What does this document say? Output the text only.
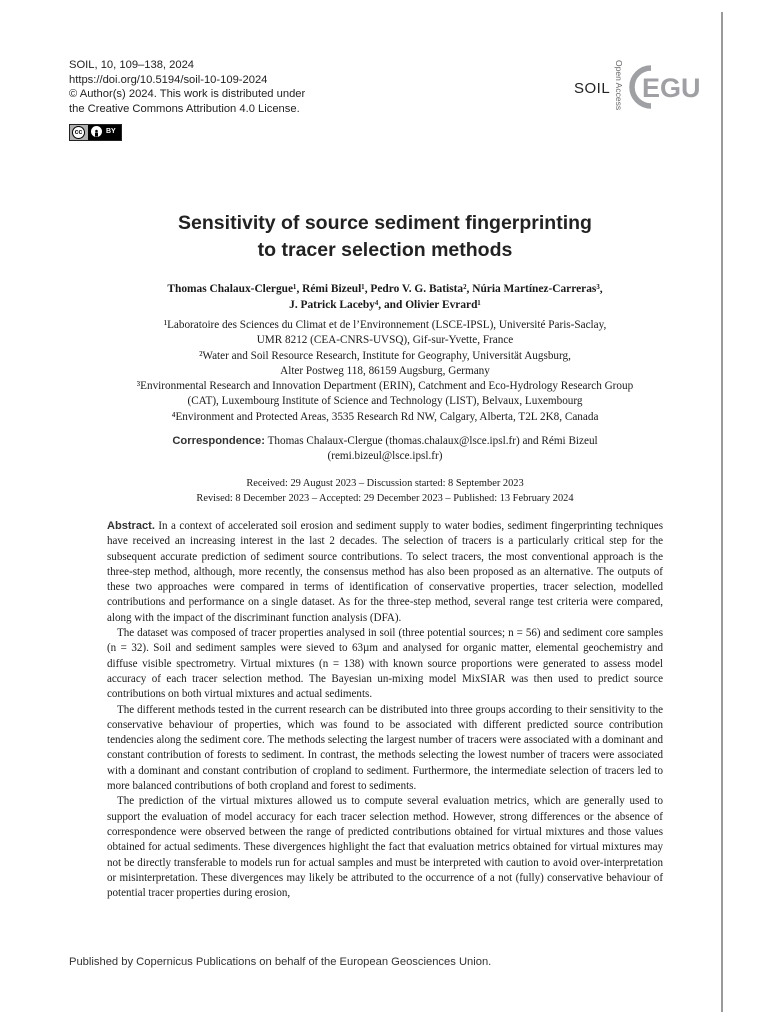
SOIL, 10, 109–138, 2024
https://doi.org/10.5194/soil-10-109-2024
© Author(s) 2024. This work is distributed under
the Creative Commons Attribution 4.0 License.
cc	BY
SOIL Open Access EGU
Sensitivity of source sediment fingerprinting
to tracer selection methods
Thomas Chalaux-Clergue¹, Rémi Bizeul¹, Pedro V. G. Batista², Núria Martínez-Carreras³,
J. Patrick Laceby⁴, and Olivier Evrard¹
¹Laboratoire des Sciences du Climat et de l’Environnement (LSCE-IPSL), Université Paris-Saclay,
UMR 8212 (CEA-CNRS-UVSQ), Gif-sur-Yvette, France
²Water and Soil Resource Research, Institute for Geography, Universität Augsburg,
Alter Postweg 118, 86159 Augsburg, Germany
³Environmental Research and Innovation Department (ERIN), Catchment and Eco-Hydrology Research Group
(CAT), Luxembourg Institute of Science and Technology (LIST), Belvaux, Luxembourg
⁴Environment and Protected Areas, 3535 Research Rd NW, Calgary, Alberta, T2L 2K8, Canada
Correspondence: Thomas Chalaux-Clergue (thomas.chalaux@lsce.ipsl.fr) and Rémi Bizeul
(remi.bizeul@lsce.ipsl.fr)
Received: 29 August 2023 – Discussion started: 8 September 2023
Revised: 8 December 2023 – Accepted: 29 December 2023 – Published: 13 February 2024

Abstract. In a context of accelerated soil erosion and sediment supply to water bodies, sediment fingerprinting techniques have received an increasing interest in the last 2 decades. The selection of tracers is a particularly critical step for the subsequent accurate prediction of sediment source contributions. To select tracers, the most conventional approach is the three-step method, although, more recently, the consensus method has also been proposed as an alternative. The outputs of these two approaches were compared in terms of identification of conservative properties, tracer selection, modelled contributions and performance on a single dataset. As for the three-step method, several range test criteria were compared, along with the impact of the discriminant function analysis (DFA).

The dataset was composed of tracer properties analysed in soil (three potential sources; n = 56) and sediment core samples (n = 32). Soil and sediment samples were sieved to 63µm and analysed for organic matter, elemental geochemistry and diffuse visible spectrometry. Virtual mixtures (n = 138) with known source proportions were generated to assess model accuracy of each tracer selection method. The Bayesian un-mixing model MixSIAR was then used to predict source contributions on both virtual mixtures and actual sediments.

The different methods tested in the current research can be distributed into three groups according to their sensitivity to the conservative behaviour of properties, which was found to be associated with different predicted source contribution tendencies along the sediment core. The methods selecting the largest number of tracers were associated with a dominant and constant contribution of forests to sediment. In contrast, the methods selecting the lowest number of tracers were associated with a dominant and constant contribution of cropland to sediment. Furthermore, the intermediate selection of tracers led to more balanced contributions of both cropland and forest to sediments.

The prediction of the virtual mixtures allowed us to compute several evaluation metrics, which are generally used to support the evaluation of model accuracy for each tracer selection method. However, strong differences or the absence of correspondence were observed between the range of predicted contributions obtained for virtual mixtures and those values obtained for actual sediments. These divergences highlight the fact that evaluation metrics obtained for virtual mixtures may not be directly transferable to models run for actual samples and must be interpreted with caution to avoid over-interpretation or misinterpretation. These divergences may likely be attributed to the occurrence of a not (fully) conservative behaviour of potential tracer properties during erosion,

Published by Copernicus Publications on behalf of the European Geosciences Union.
